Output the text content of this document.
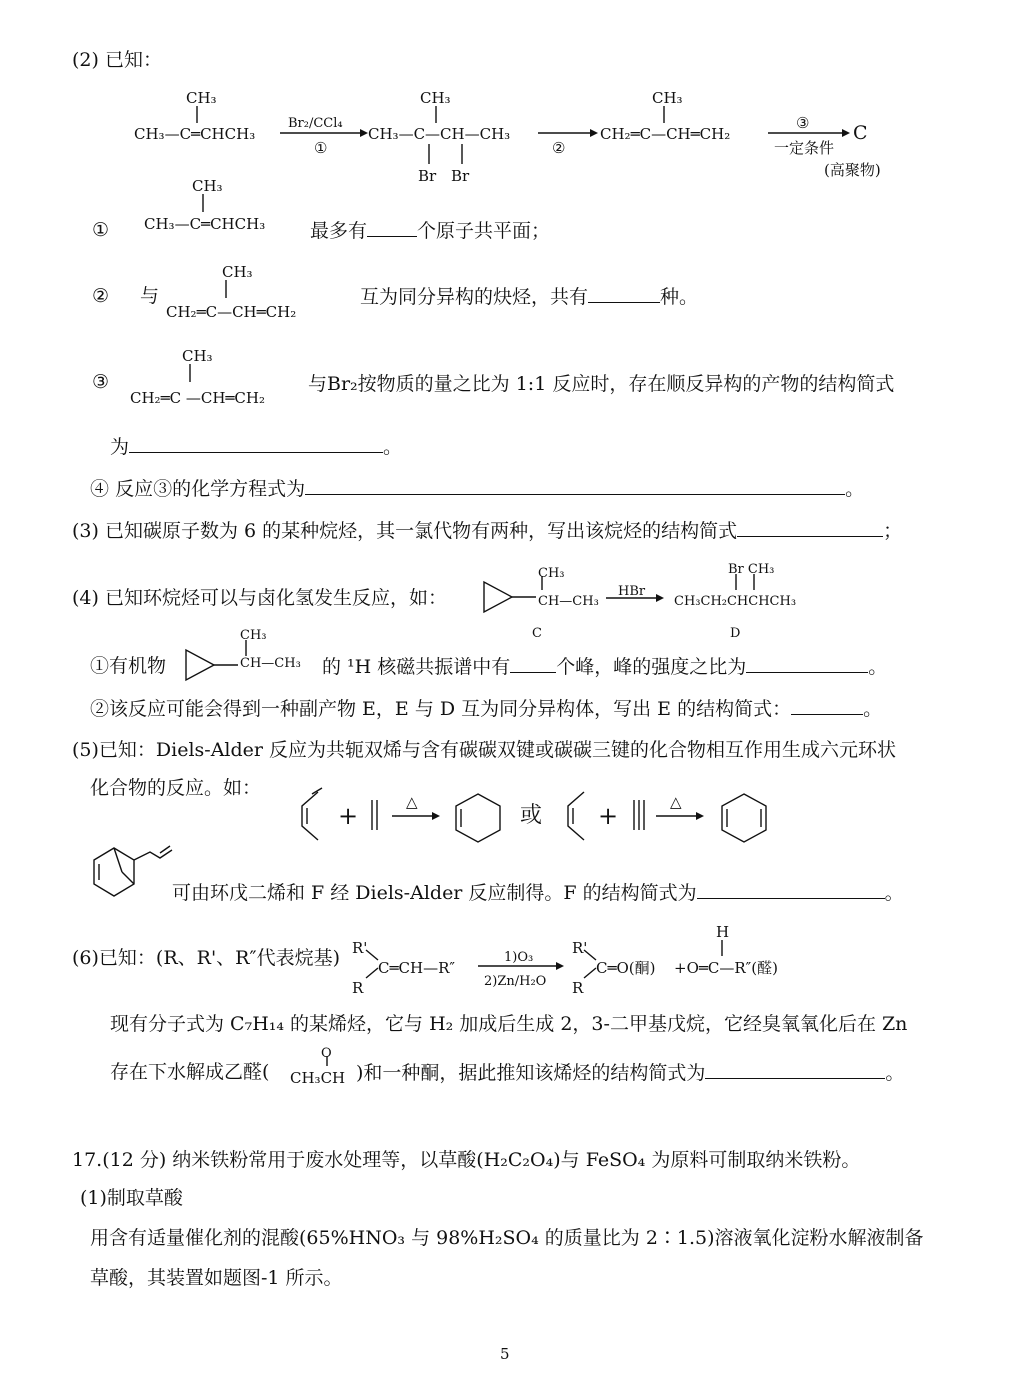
(2) 已知：
CH₃
CH₃—C═CHCH₃
Br₂/CCl₄
①
CH₃
CH₃—C—CH—CH₃
Br Br
②
CH₃
CH₂═C—CH═CH₂
③
一定条件
C
(高聚物)
①
CH₃
CH₃—C═CHCH₃ 最多有	个原子共平面；
② 与
CH₃
CH₂═C—CH═CH₂
互为同分异构的炔烃，共有	种。
③
CH₃
CH₂═C —CH═CH₂
与Br₂按物质的量之比为 1:1 反应时，存在顺反异构的产物的结构简式
为	。
④ 反应③的化学方程式为	。
(3) 已知碳原子数为 6 的某种烷烃，其一氯代物有两种，写出该烷烃的结构简式	；
(4) 已知环烷烃可以与卤化氢发生反应，如：
CH₃
CH—CH₃
HBr
Br CH₃
CH₃CH₂CHCHCH₃
C	D
①有机物
CH₃
CH—CH₃ 的 ¹H 核磁共振谱中有 个峰，峰的强度之比为	。
②该反应可能会得到一种副产物 E，E 与 D 互为同分异构体，写出 E 的结构简式：	。
(5)已知：Diels-Alder 反应为共轭双烯与含有碳碳双键或碳碳三键的化合物相互作用生成六元环状
化合物的反应。如：
+	△
或 +	△
可由环戊二烯和 F 经 Diels-Alder 反应制得。F 的结构简式为	。
(6)已知：(R、R'、R″代表烷基) R'
R
C═CH—R″
1)O₃
2)Zn/H₂O
R'
R
C═O(酮)
H
+O═C—R″(醛)
现有分子式为 C₇H₁₄ 的某烯烃，它与 H₂ 加成后生成 2，3-二甲基戊烷，它经臭氧氧化后在 Zn
存在下水解成乙醛(
O
CH₃CH )和一种酮，据此推知该烯烃的结构简式为	。
17.(12 分) 纳米铁粉常用于废水处理等，以草酸(H₂C₂O₄)与 FeSO₄ 为原料可制取纳米铁粉。
(1)制取草酸
用含有适量催化剂的混酸(65%HNO₃ 与 98%H₂SO₄ 的质量比为 2∶1.5)溶液氧化淀粉水解液制备
草酸，其装置如题图-1 所示。
5
